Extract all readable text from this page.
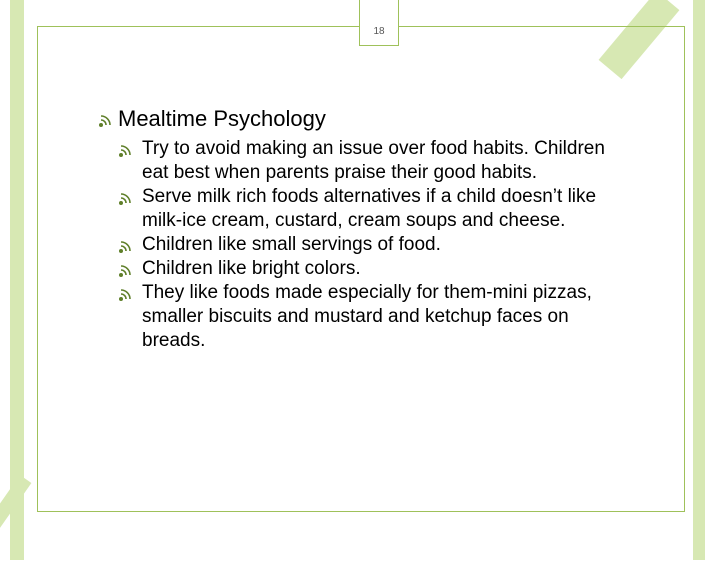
18
Mealtime Psychology
Try to avoid making an issue over food habits. Children eat best when parents praise their good habits.
Serve milk rich foods alternatives if a child doesn’t like milk-ice cream, custard, cream soups and cheese.
Children like small servings of food.
Children like bright colors.
They like foods made especially for them-mini pizzas, smaller biscuits and mustard and ketchup faces on breads.
